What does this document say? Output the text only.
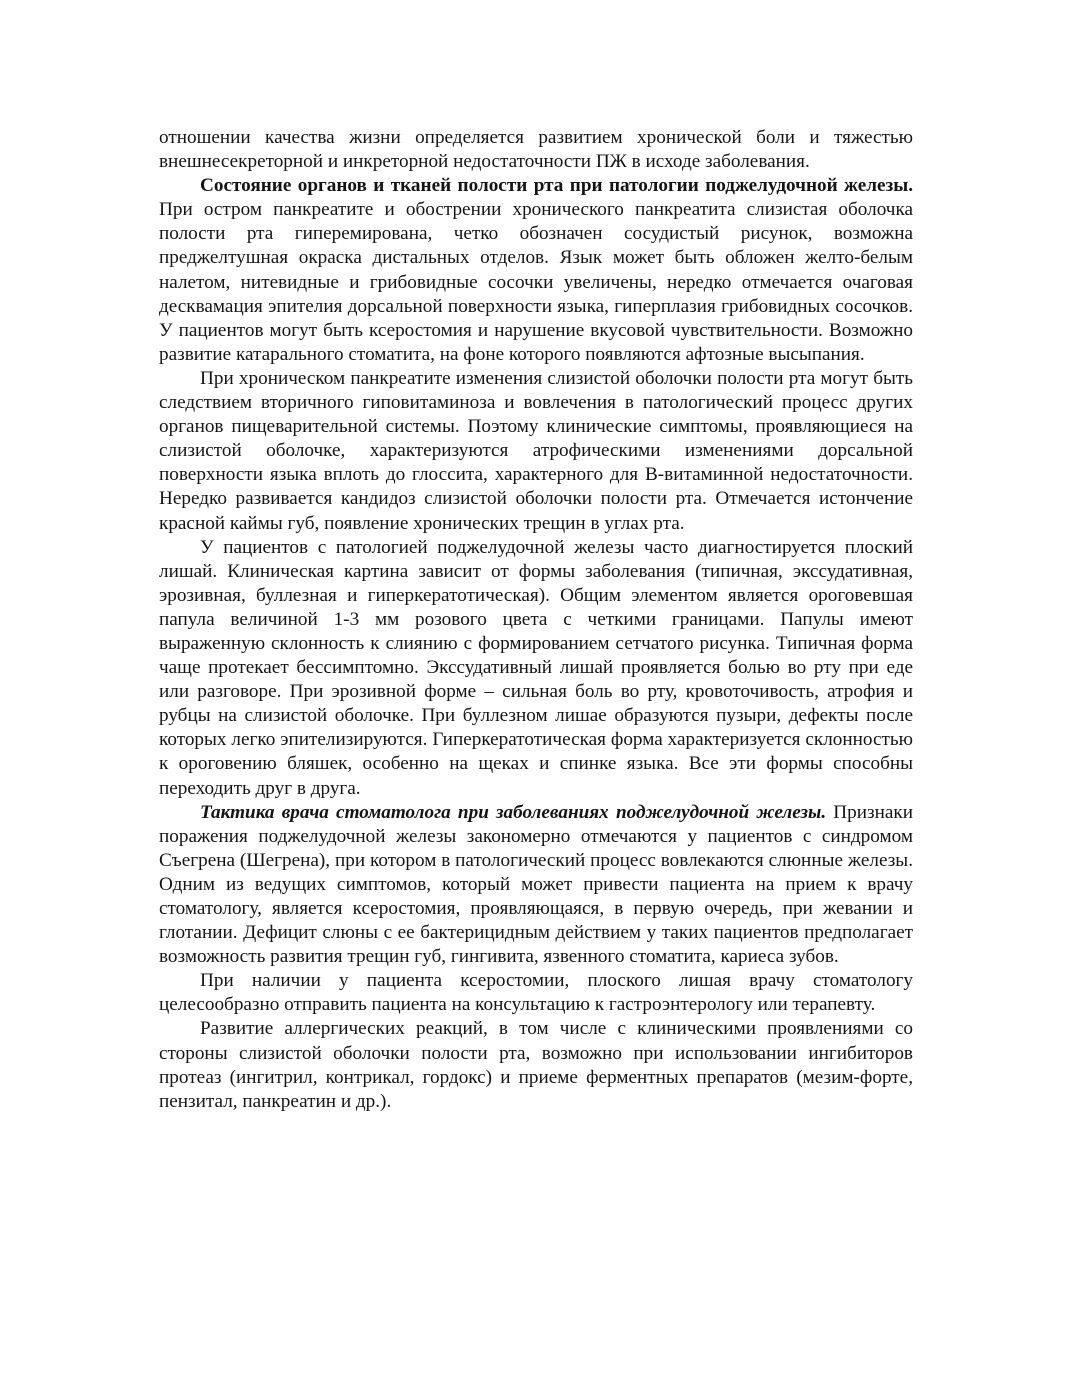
отношении качества жизни определяется развитием хронической боли и тяжестью внешнесекреторной и инкреторной недостаточности ПЖ в исходе заболевания.

Состояние органов и тканей полости рта при патологии поджелудочной железы. При остром панкреатите и обострении хронического панкреатита слизистая оболочка полости рта гиперемирована, четко обозначен сосудистый рисунок, возможна преджелтушная окраска дистальных отделов. Язык может быть обложен желто-белым налетом, нитевидные и грибовидные сосочки увеличены, нередко отмечается очаговая десквамация эпителия дорсальной поверхности языка, гиперплазия грибовидных сосочков. У пациентов могут быть ксеростомия и нарушение вкусовой чувствительности. Возможно развитие катарального стоматита, на фоне которого появляются афтозные высыпания.

При хроническом панкреатите изменения слизистой оболочки полости рта могут быть следствием вторичного гиповитаминоза и вовлечения в патологический процесс других органов пищеварительной системы. Поэтому клинические симптомы, проявляющиеся на слизистой оболочке, характеризуются атрофическими изменениями дорсальной поверхности языка вплоть до глоссита, характерного для В-витаминной недостаточности. Нередко развивается кандидоз слизистой оболочки полости рта. Отмечается истончение красной каймы губ, появление хронических трещин в углах рта.

У пациентов с патологией поджелудочной железы часто диагностируется плоский лишай. Клиническая картина зависит от формы заболевания (типичная, экссудативная, эрозивная, буллезная и гиперкератотическая). Общим элементом является ороговевшая папула величиной 1-3 мм розового цвета с четкими границами. Папулы имеют выраженную склонность к слиянию с формированием сетчатого рисунка. Типичная форма чаще протекает бессимптомно. Экссудативный лишай проявляется болью во рту при еде или разговоре. При эрозивной форме – сильная боль во рту, кровоточивость, атрофия и рубцы на слизистой оболочке. При буллезном лишае образуются пузыри, дефекты после которых легко эпителизируются. Гиперкератотическая форма характеризуется склонностью к ороговению бляшек, особенно на щеках и спинке языка. Все эти формы способны переходить друг в друга.

Тактика врача стоматолога при заболеваниях поджелудочной железы. Признаки поражения поджелудочной железы закономерно отмечаются у пациентов с синдромом Съегрена (Шегрена), при котором в патологический процесс вовлекаются слюнные железы. Одним из ведущих симптомов, который может привести пациента на прием к врачу стоматологу, является ксеростомия, проявляющаяся, в первую очередь, при жевании и глотании. Дефицит слюны с ее бактерицидным действием у таких пациентов предполагает возможность развития трещин губ, гингивита, язвенного стоматита, кариеса зубов.

При наличии у пациента ксеростомии, плоского лишая врачу стоматологу целесообразно отправить пациента на консультацию к гастроэнтерологу или терапевту.

Развитие аллергических реакций, в том числе с клиническими проявлениями со стороны слизистой оболочки полости рта, возможно при использовании ингибиторов протеаз (ингитрил, контрикал, гордокс) и приеме ферментных препаратов (мезим-форте, пензитал, панкреатин и др.).
